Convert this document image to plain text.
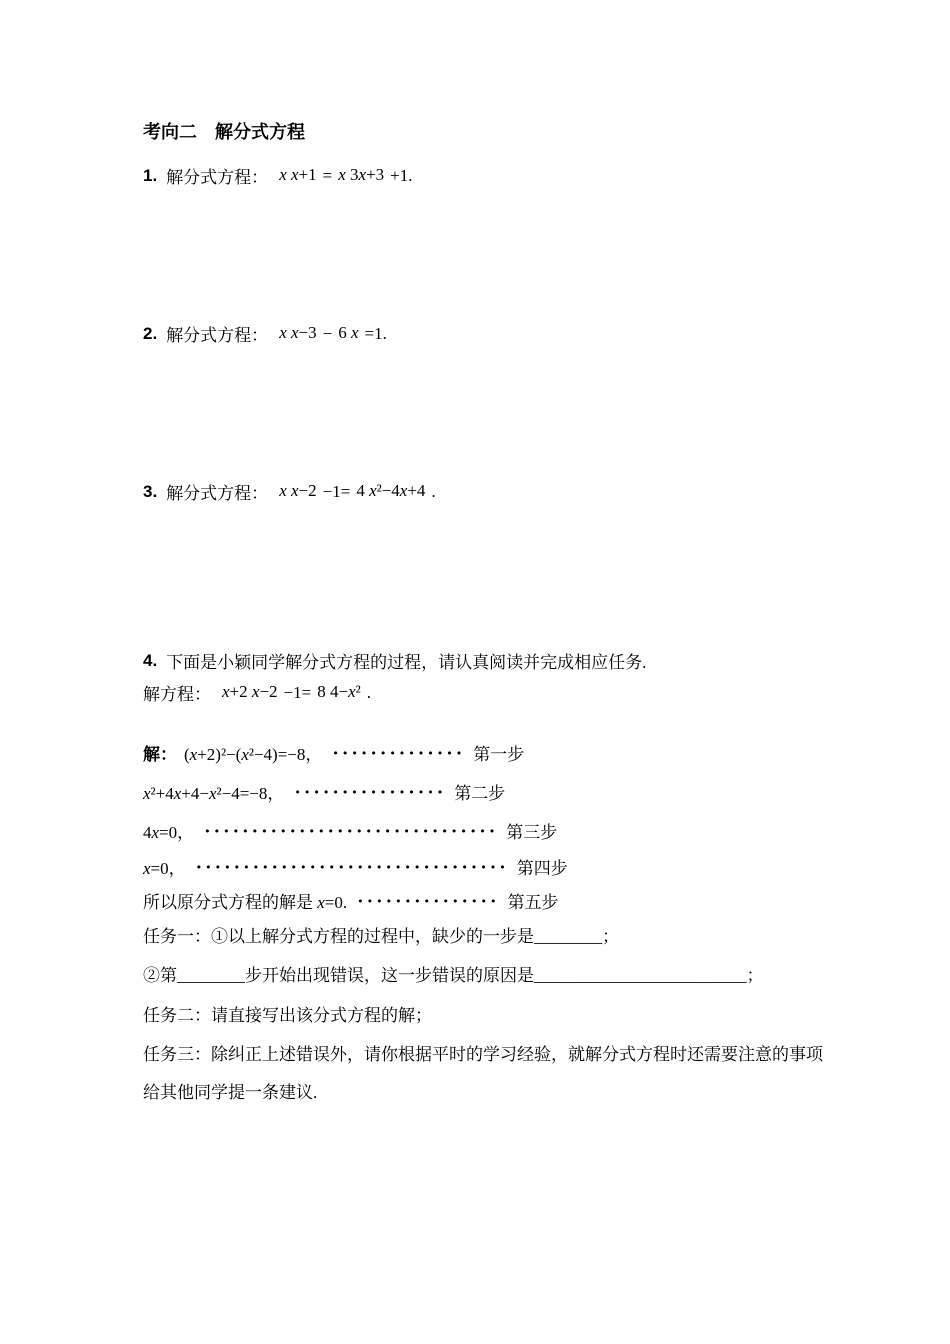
考向二　解分式方程
1. 解分式方程： x x+1 = x 3x+3 +1.
2. 解分式方程： x x−3 − 6 x =1.
3. 解分式方程： x x−2 −1= 4 x²−4x+4 .
4. 下面是小颖同学解分式方程的过程，请认真阅读并完成相应任务.
解方程： x+2 x−2 −1= 8 4−x² .
解： (x+2)²−(x²−4)=−8， •••••••••••••• 第一步
x²+4x+4−x²−4=−8， •••••••••••••••• 第二步
4x=0， ••••••••••••••••••••••••••••••• 第三步
x=0， ••••••••••••••••••••••••••••••••• 第四步
所以原分式方程的解是 x=0. ••••••••••••••• 第五步
任务一：①以上解分式方程的过程中，缺少的一步是________；
②第________步开始出现错误，这一步错误的原因是_________________________；
任务二：请直接写出该分式方程的解；
任务三：除纠正上述错误外，请你根据平时的学习经验，就解分式方程时还需要注意的事项
给其他同学提一条建议.
